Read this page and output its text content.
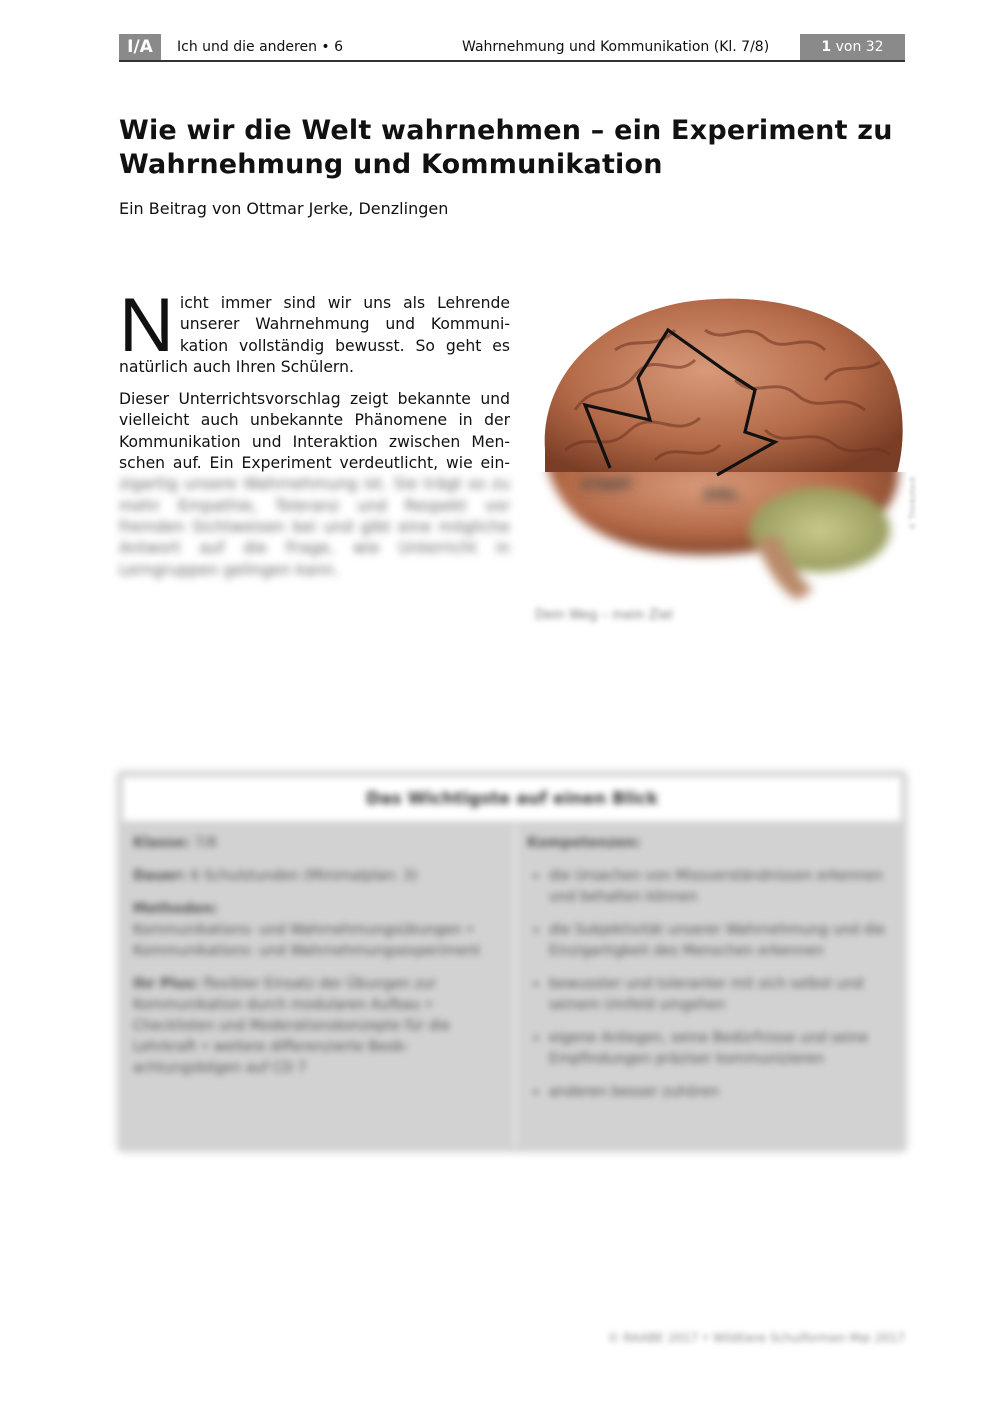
I/A	Ich und die anderen • 6	Wahrnehmung und Kommunikation (Kl. 7/8)	1 von 32
Wie wir die Welt wahrnehmen – ein Experiment zu Wahrnehmung und Kommunikation

Ein Beitrag von Ottmar Jerke, Denzlingen

Nicht immer sind wir uns als Lehrende unserer Wahrnehmung und Kommunikation vollständig bewusst. So geht es natürlich auch Ihren Schülern.

Dieser Unterrichtsvorschlag zeigt bekannte und vielleicht auch unbekannte Phänomene in der Kommunikation und Interaktion zwischen Menschen auf. Ein Experiment verdeutlicht, wie einzigartig unsere Wahrnehmung ist. Sie trägt so zu mehr Empathie, Toleranz und Respekt vor fremden Sichtweisen bei und gibt eine mögliche Antwort auf die Frage, wie Unterricht in Lerngruppen gelingen kann.

START
ZIEL	© Thinkstock
Dein Weg – mein Ziel
Das Wichtigste auf einen Blick

Klasse: 7/8

Dauer: 6 Schulstunden (Minimalplan: 3)

Methoden:
Kommunikations- und Wahrnehmungsübungen • Kommunikations- und Wahrnehmungsexperiment

Ihr Plus: flexibler Einsatz der Übungen zur Kommunikation durch modularen Aufbau • Checklisten und Moderationskonzepte für die Lehrkraft • weitere differenzierte Beobachtungsbögen auf CD 7

Kompetenzen:

• die Ursachen von Missverständnissen erkennen und behalten können
• die Subjektivität unserer Wahrnehmung und die Einzigartigkeit des Menschen erkennen
• bewusster und toleranter mit sich selbst und seinem Umfeld umgehen
• eigene Anliegen, seine Bedürfnisse und seine Empfindungen präziser kommunizieren
• anderen besser zuhören
© RAABE 2017 • Wildtiere Schulformen Mai 2017
